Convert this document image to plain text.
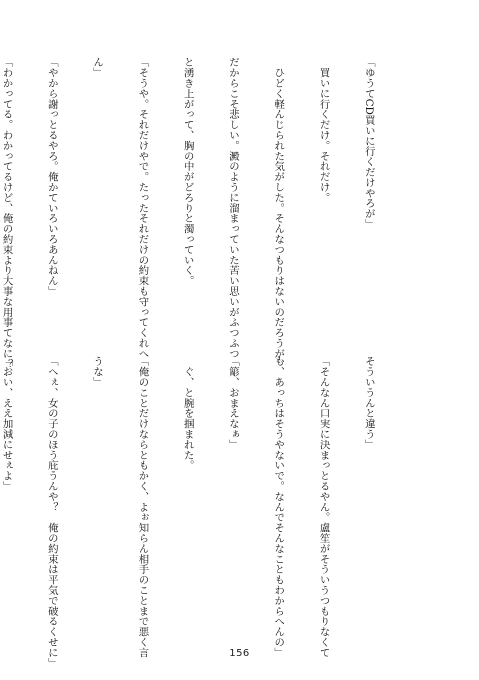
「ゆうてCD買いに行くだけやろが」

　買いに行くだけ。それだけ。

　ひどく軽んじられた気がした。そんなつもりはないのだろうが、

だからこそ悲しい。澱のように溜まっていた苦い思いがふつふつ

と湧き上がって、胸の中がどろりと濁っていく。

「そうや。それだけやで。たったそれだけの約束も守ってくれへ

ん」

「やから謝っとるやろ。俺かていろいろあんねん」

「わかってる。わかってるけど、俺の約束より大事な用事てなに？

そういうんと違う」

「そんなん口実に決まっとるやん。盧笙がそういうつもりなくて

も、あっちはそうやないで。なんでそんなこともわからへんの」

「簓、おまえなぁ」

　ぐ、と腕を掴まれた。

「俺のことだけならともかく、よぉ知らん相手のことまで悪く言

うな」

「へぇ、女の子のほう庇うんや？　俺の約束は平気で破るくせに」

「おい、ええ加減にせぇよ」

156
